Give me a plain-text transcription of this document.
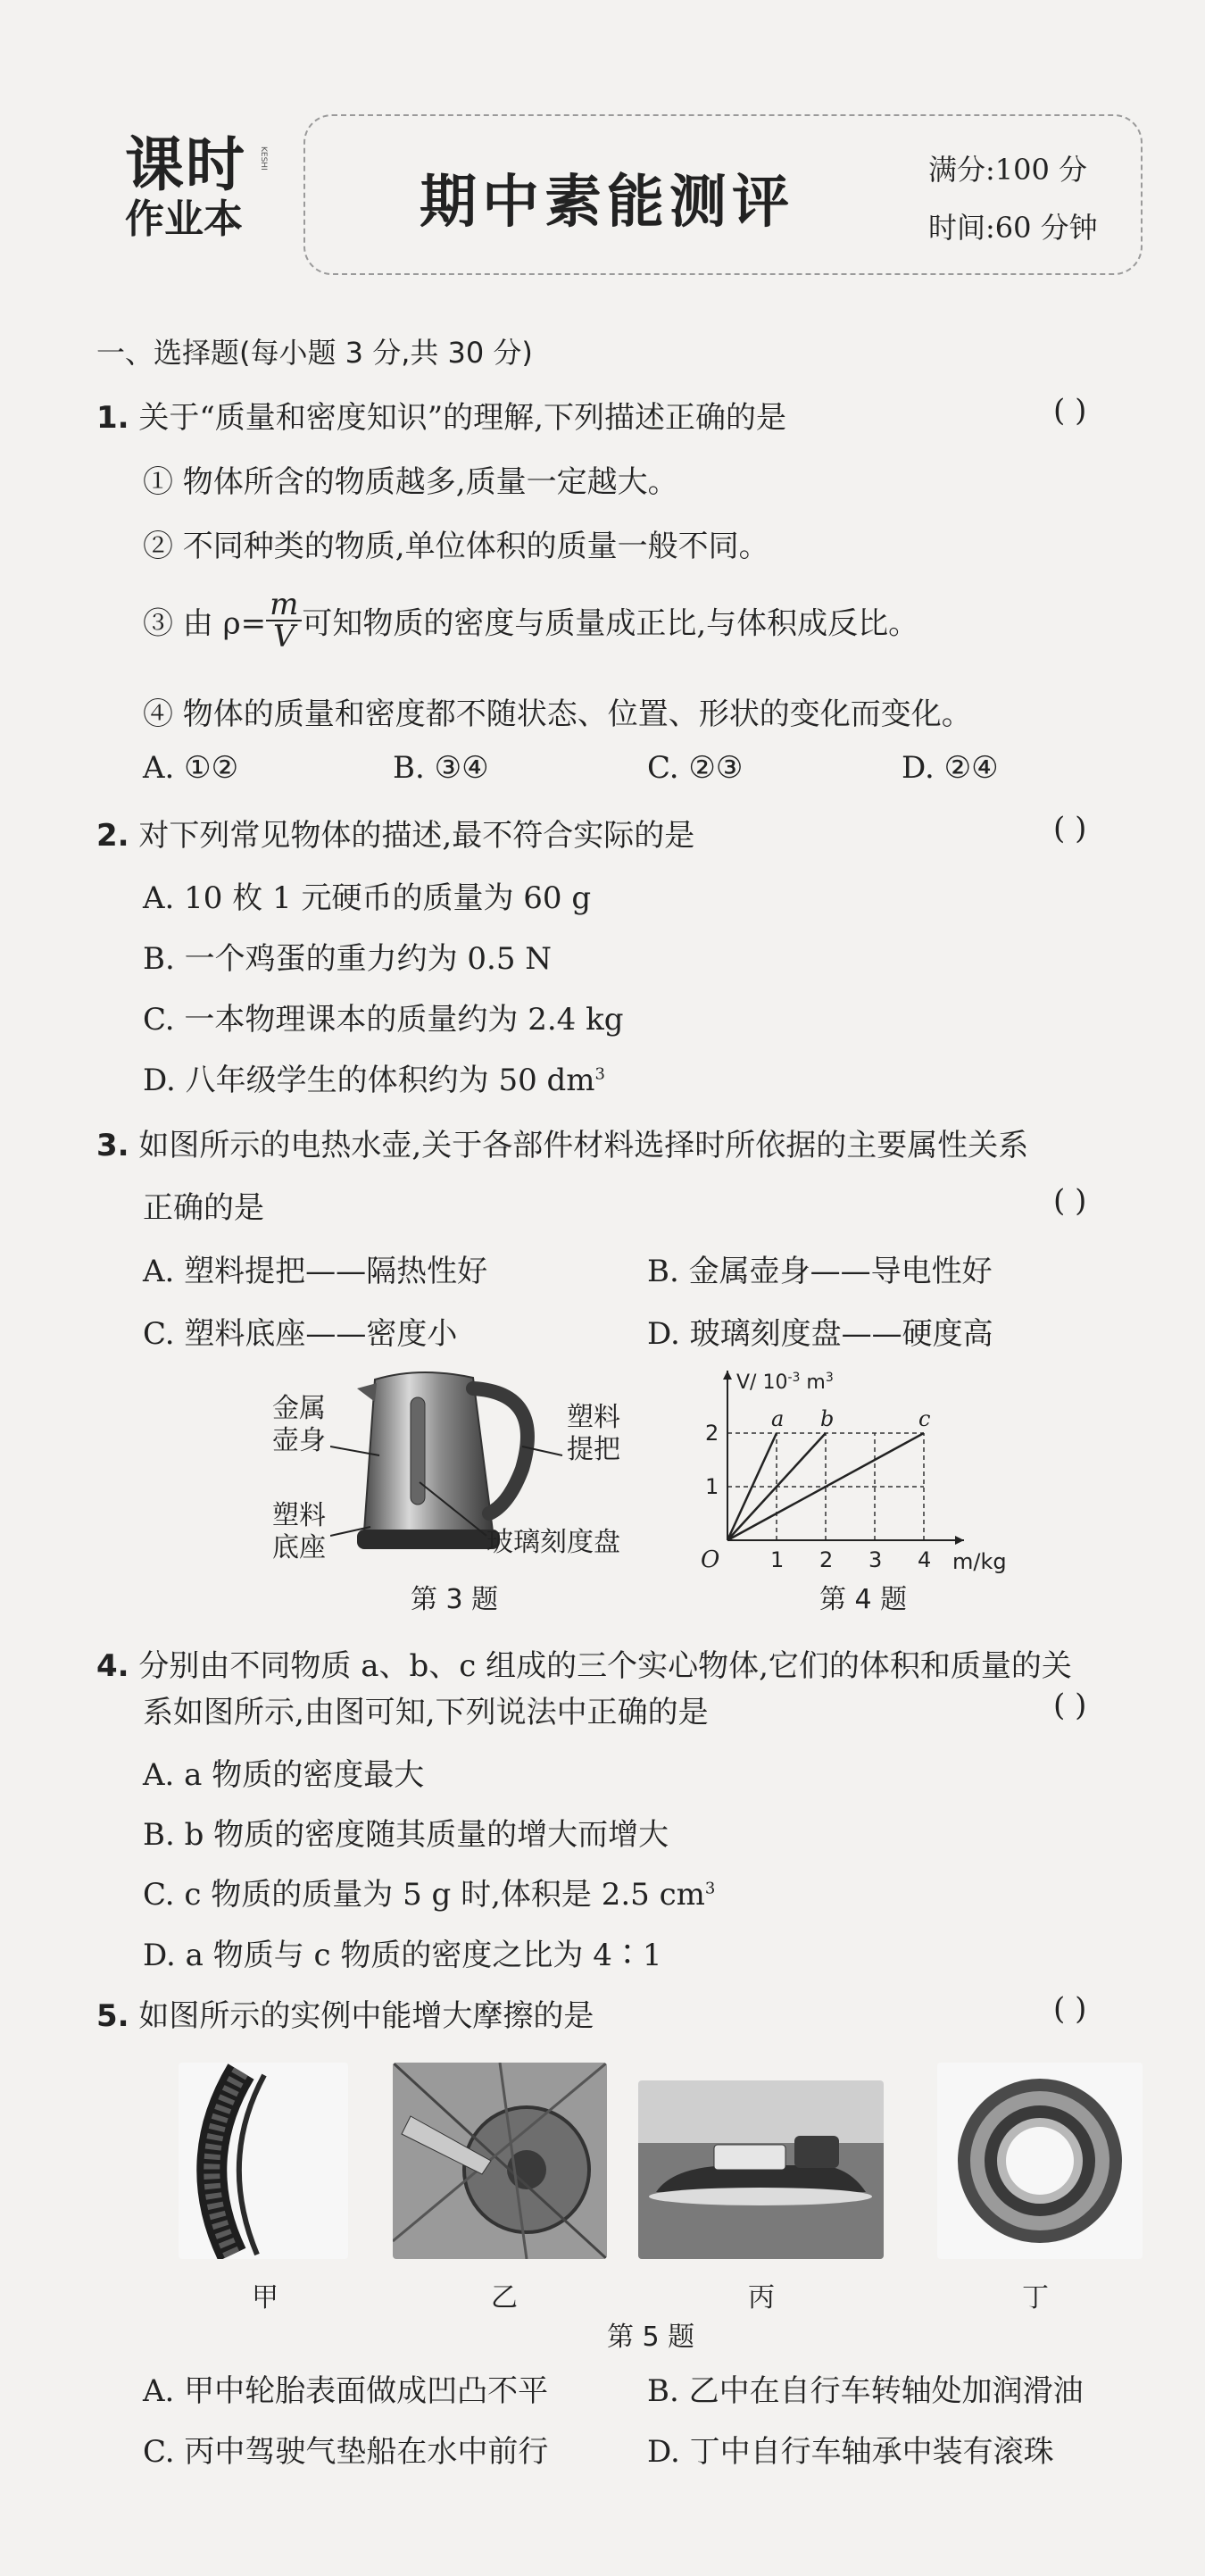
课时
作业本
KESHI
期中素能测评	满分:100 分
时间:60 分钟
一、选择题(每小题 3 分,共 30 分)
1. 关于“质量和密度知识”的理解,下列描述正确的是	( )
① 物体所含的物质越多,质量一定越大。
② 不同种类的物质,单位体积的质量一般不同。
③ 由 $\rho= \frac{m}{V}$ 可知物质的密度与质量成正比,与体积成反比。
④ 物体的质量和密度都不随状态、位置、形状的变化而变化。
A. ①②	B. ③④	C. ②③	D. ②④
2. 对下列常见物体的描述,最不符合实际的是	( )
A. 10 枚 1 元硬币的质量为 60 g
B. 一个鸡蛋的重力约为 0.5 N
C. 一本物理课本的质量约为 2.4 kg
D. 八年级学生的体积约为 50 $dm^3$
3. 如图所示的电热水壶,关于各部件材料选择时所依据的主要属性关系
正确的是	( )
A. 塑料提把——隔热性好	B. 金属壶身——导电性好
C. 塑料底座——密度小	D. 玻璃刻度盘——硬度高
金属
壶身
塑料
提把
塑料
底座	玻璃刻度盘
第 3 题
a b	c
1 2 3 4
1
2
O	m/kg
V/ $10^{-3}$ $m^3$
第 4 题
4. 分别由不同物质 a、b、c 组成的三个实心物体,它们的体积和质量的关
系如图所示,由图可知,下列说法中正确的是	( )
A. a 物质的密度最大
B. b 物质的密度随其质量的增大而增大
C. c 物质的质量为 5 g 时,体积是 2.5 $cm^3$
D. a 物质与 c 物质的密度之比为 4∶1
5. 如图所示的实例中能增大摩擦的是	( )
甲	乙	丙	丁
第 5 题
A. 甲中轮胎表面做成凹凸不平	B. 乙中在自行车转轴处加润滑油
C. 丙中驾驶气垫船在水中前行	D. 丁中自行车轴承中装有滚珠
